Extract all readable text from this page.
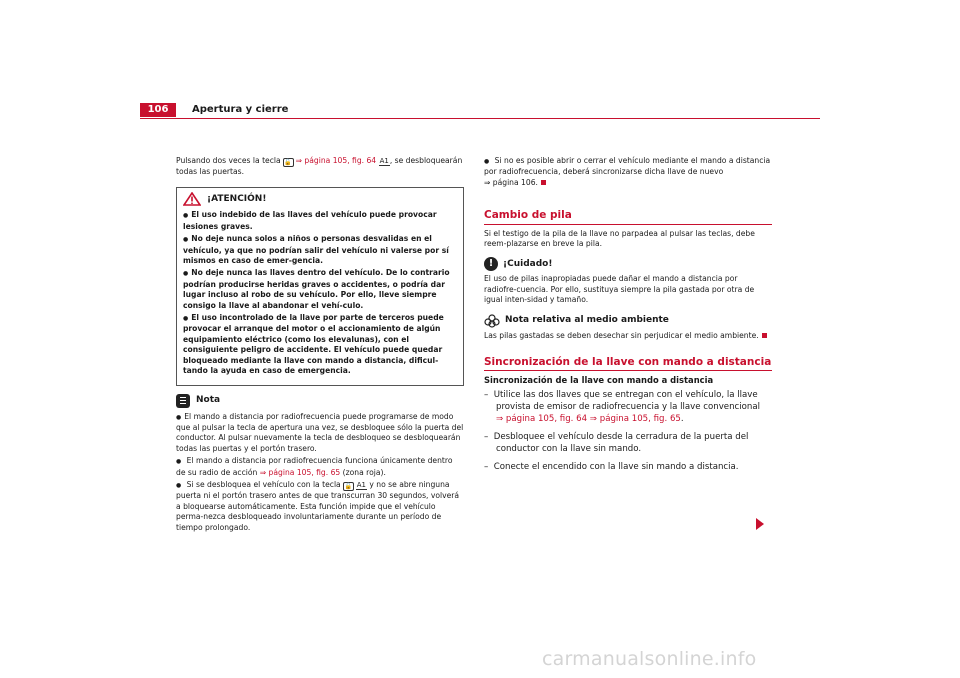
106	Apertura y cierre

Pulsando dos veces la tecla 🔓 ⇒ página 105, fig. 64 A1, se desbloquearán todas las puertas.

¡ATENCIÓN!

● El uso indebido de las llaves del vehículo puede provocar lesiones graves.

● No deje nunca solos a niños o personas desvalidas en el vehículo, ya que no podrían salir del vehículo ni valerse por sí mismos en caso de emer-gencia.

● No deje nunca las llaves dentro del vehículo. De lo contrario podrían producirse heridas graves o accidentes, o podría dar lugar incluso al robo de su vehículo. Por ello, lleve siempre consigo la llave al abandonar el vehí-culo.

● El uso incontrolado de la llave por parte de terceros puede provocar el arranque del motor o el accionamiento de algún equipamiento eléctrico (como los elevalunas), con el consiguiente peligro de accidente. El vehículo puede quedar bloqueado mediante la llave con mando a distancia, dificul-tando la ayuda en caso de emergencia.

Nota

● El mando a distancia por radiofrecuencia puede programarse de modo que al pulsar la tecla de apertura una vez, se desbloquee sólo la puerta del conductor. Al pulsar nuevamente la tecla de desbloqueo se desbloquearán todas las puertas y el portón trasero.

● El mando a distancia por radiofrecuencia funciona únicamente dentro de su radio de acción ⇒ página 105, fig. 65 (zona roja).

● Si se desbloquea el vehículo con la tecla 🔓 A1 y no se abre ninguna puerta ni el portón trasero antes de que transcurran 30 segundos, volverá a bloquearse automáticamente. Esta función impide que el vehículo perma-nezca desbloqueado involuntariamente durante un período de tiempo prolongado.

● Si no es posible abrir o cerrar el vehículo mediante el mando a distancia por radiofrecuencia, deberá sincronizarse dicha llave de nuevo
⇒ página 106.

Cambio de pila

Si el testigo de la pila de la llave no parpadea al pulsar las teclas, debe reem-plazarse en breve la pila.

!	¡Cuidado!

El uso de pilas inapropiadas puede dañar el mando a distancia por radiofre-cuencia. Por ello, sustituya siempre la pila gastada por otra de igual inten-sidad y tamaño.

Nota relativa al medio ambiente

Las pilas gastadas se deben desechar sin perjudicar el medio ambiente.

Sincronización de la llave con mando a distancia

Sincronización de la llave con mando a distancia

–  Utilice las dos llaves que se entregan con el vehículo, la llave provista de emisor de radiofrecuencia y la llave convencional
⇒ página 105, fig. 64 ⇒ página 105, fig. 65.

–  Desbloquee el vehículo desde la cerradura de la puerta del conductor con la llave sin mando.

–  Conecte el encendido con la llave sin mando a distancia.

carmanualsonline.info
